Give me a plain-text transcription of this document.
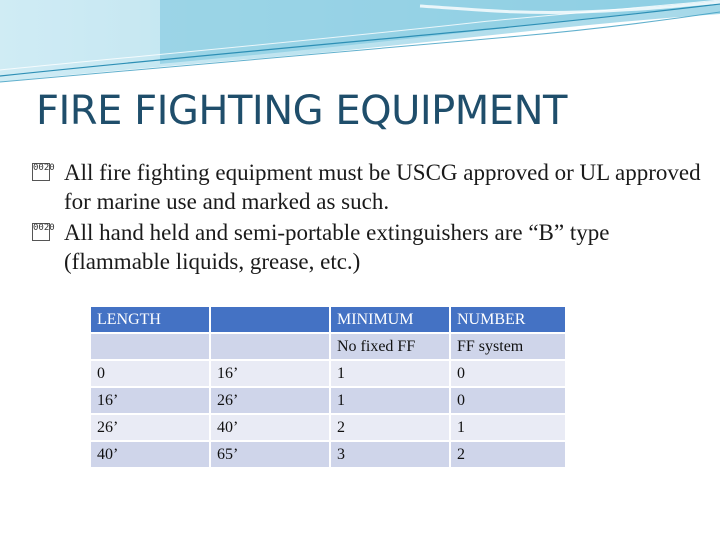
FIRE FIGHTING EQUIPMENT

0020 All fire fighting equipment must be USCG approved or UL approved for marine use and marked as such.

0020 All hand held and semi-portable extinguishers are “B” type (flammable liquids, grease, etc.)

LENGTH		MINIMUM	NUMBER
		No fixed FF	FF system
0	16’	1	0
16’	26’	1	0
26’	40’	2	1
40’	65’	3	2
